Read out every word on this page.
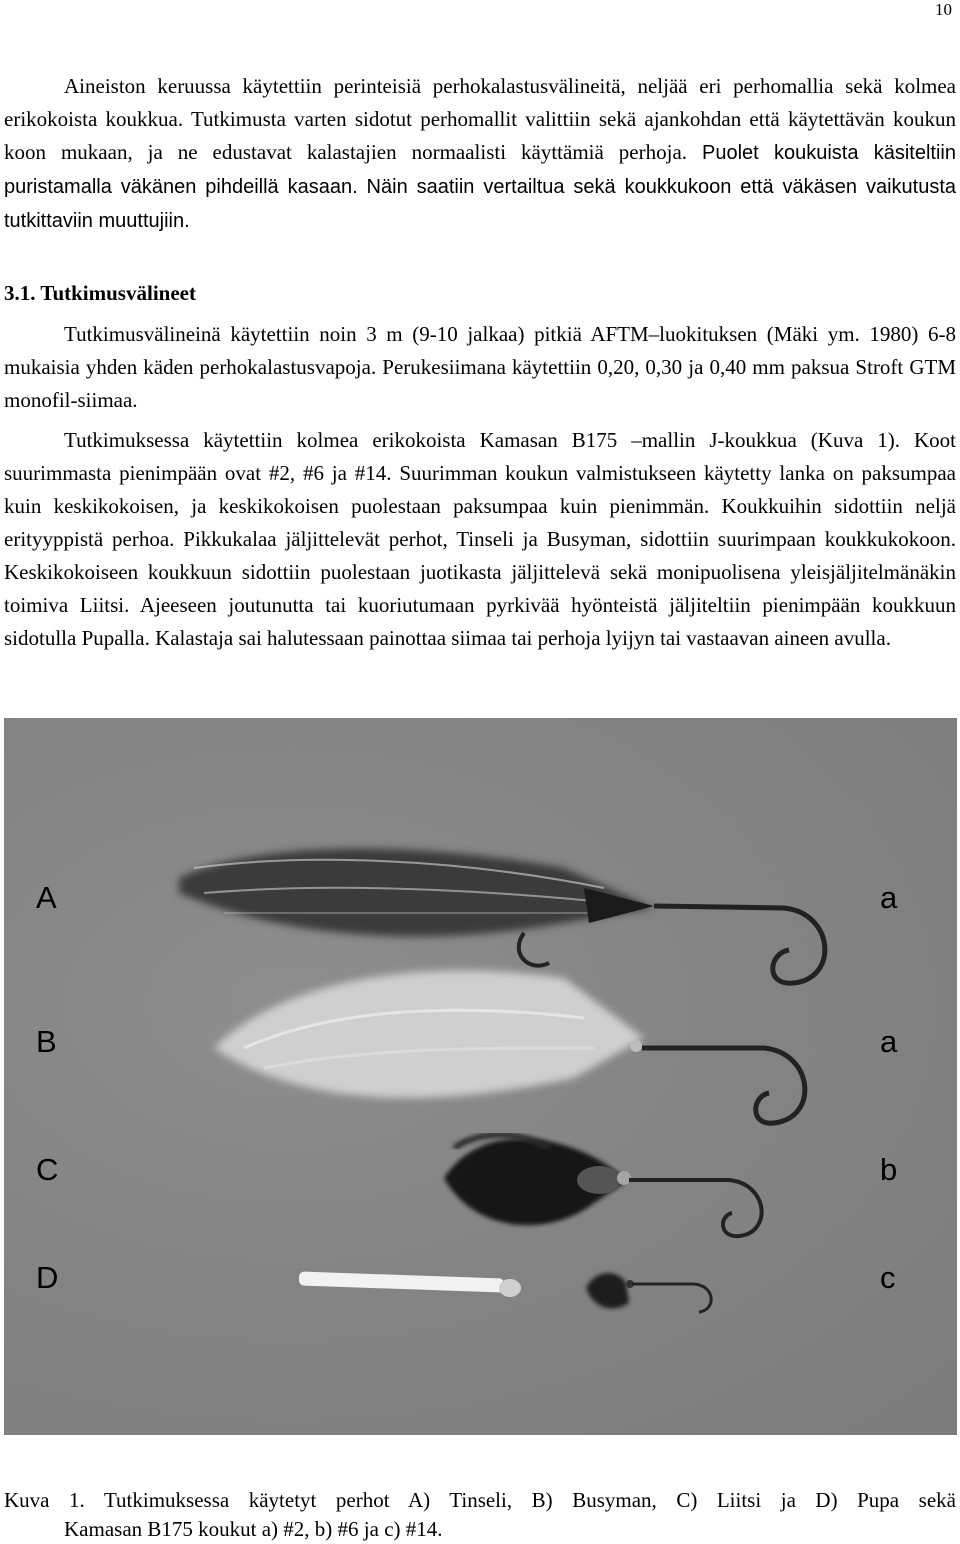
10

Aineiston keruussa käytettiin perinteisiä perhokalastusvälineitä, neljää eri perhomallia sekä kolmea erikokoista koukkua. Tutkimusta varten sidotut perhomallit valittiin sekä ajankohdan että käytettävän koukun koon mukaan, ja ne edustavat kalastajien normaalisti käyttämiä perhoja. Puolet koukuista käsiteltiin puristamalla väkänen pihdeillä kasaan. Näin saatiin vertailtua sekä koukkukoon että väkäsen vaikutusta tutkittaviin muuttujiin.

3.1. Tutkimusvälineet

Tutkimusvälineinä käytettiin noin 3 m (9-10 jalkaa) pitkiä AFTM–luokituksen (Mäki ym. 1980) 6-8 mukaisia yhden käden perhokalastusvapoja. Perukesiimana käytettiin 0,20, 0,30 ja 0,40 mm paksua Stroft GTM monofil-siimaa.

Tutkimuksessa käytettiin kolmea erikokoista Kamasan B175 –mallin J-koukkua (Kuva 1). Koot suurimmasta pienimpään ovat #2, #6 ja #14. Suurimman koukun valmistukseen käytetty lanka on paksumpaa kuin keskikokoisen, ja keskikokoisen puolestaan paksumpaa kuin pienimmän. Koukkuihin sidottiin neljä erityyppistä perhoa. Pikkukalaa jäljittelevät perhot, Tinseli ja Busyman, sidottiin suurimpaan koukkukokoon. Keskikokoiseen koukkuun sidottiin puolestaan juotikasta jäljittelevä sekä monipuolisena yleisjäljitelmänäkin toimiva Liitsi. Ajeeseen joutunutta tai kuoriutumaan pyrkivää hyönteistä jäljiteltiin pienimpään koukkuun sidotulla Pupalla. Kalastaja sai halutessaan painottaa siimaa tai perhoja lyijyn tai vastaavan aineen avulla.

A
B
C
D
a
a
b
c
Kuva 1. Tutkimuksessa käytetyt perhot A) Tinseli, B) Busyman, C) Liitsi ja D) Pupa sekä
Kamasan B175 koukut a) #2, b) #6 ja c) #14.
